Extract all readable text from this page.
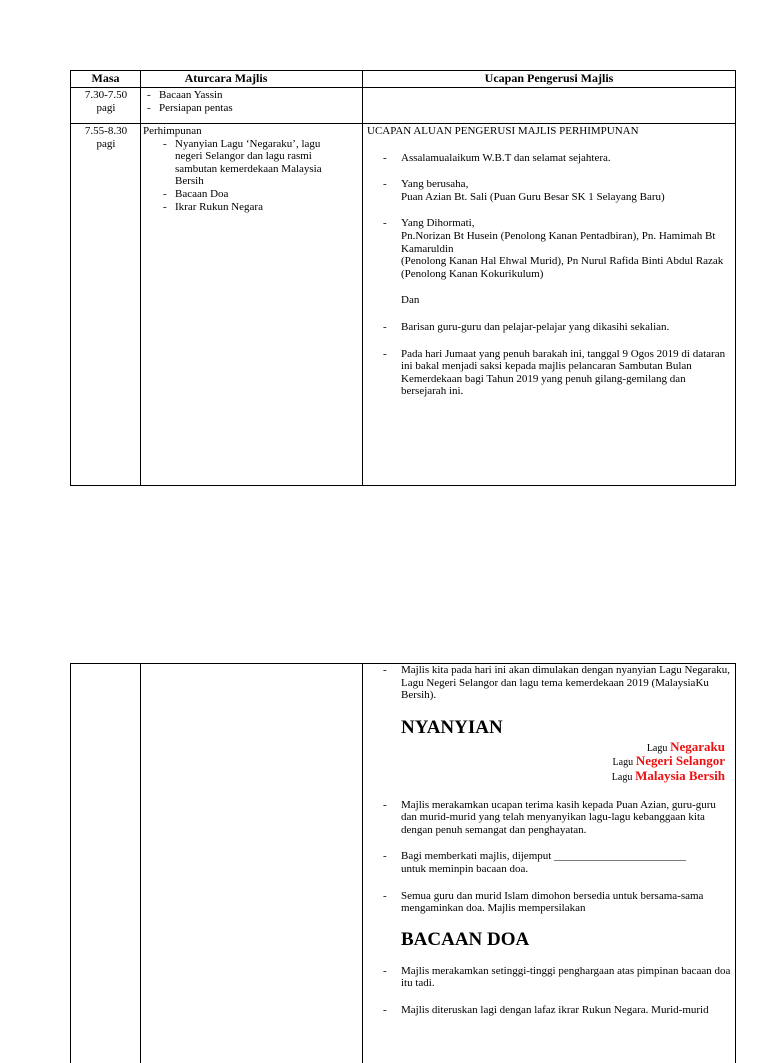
Masa	Aturcara Majlis	Ucapan Pengerusi Majlis
7.30-7.50 pagi
- Bacaan Yassin
- Persiapan pentas
7.55-8.30 pagi
Perhimpunan
- Nyanyian Lagu ‘Negaraku’, lagu negeri Selangor dan lagu rasmi sambutan kemerdekaan Malaysia Bersih
- Bacaan Doa
- Ikrar Rukun Negara
UCAPAN ALUAN PENGERUSI MAJLIS PERHIMPUNAN
- Assalamualaikum W.B.T dan selamat sejahtera.
- Yang berusaha,
Puan Azian Bt. Sali (Puan Guru Besar SK 1 Selayang Baru)
- Yang Dihormati,
Pn.Norizan Bt Husein (Penolong Kanan Pentadbiran), Pn. Hamimah Bt Kamaruldin
(Penolong Kanan Hal Ehwal Murid), Pn Nurul Rafida Binti Abdul Razak (Penolong Kanan Kokurikulum)
Dan
- Barisan guru-guru dan pelajar-pelajar yang dikasihi sekalian.
- Pada hari Jumaat yang penuh barakah ini, tanggal 9 Ogos 2019 di dataran ini bakal menjadi saksi kepada majlis pelancaran Sambutan Bulan Kemerdekaan bagi Tahun 2019 yang penuh gilang-gemilang dan bersejarah ini.
- Majlis kita pada hari ini akan dimulakan dengan nyanyian Lagu Negaraku, Lagu Negeri Selangor dan lagu tema kemerdekaan 2019 (MalaysiaKu Bersih).
NYANYIAN
Lagu Negaraku
Lagu Negeri Selangor
Lagu Malaysia Bersih
- Majlis merakamkan ucapan terima kasih kepada Puan Azian, guru-guru dan murid-murid yang telah menyanyikan lagu-lagu kebanggaan kita dengan penuh semangat dan penghayatan.
- Bagi memberkati majlis, dijemput ________________________
untuk meminpin bacaan doa.
- Semua guru dan murid Islam dimohon bersedia untuk bersama-sama mengaminkan doa. Majlis mempersilakan
BACAAN DOA
- Majlis merakamkan setinggi-tinggi penghargaan atas pimpinan bacaan doa itu tadi.
- Majlis diteruskan lagi dengan lafaz ikrar Rukun Negara. Murid-murid
